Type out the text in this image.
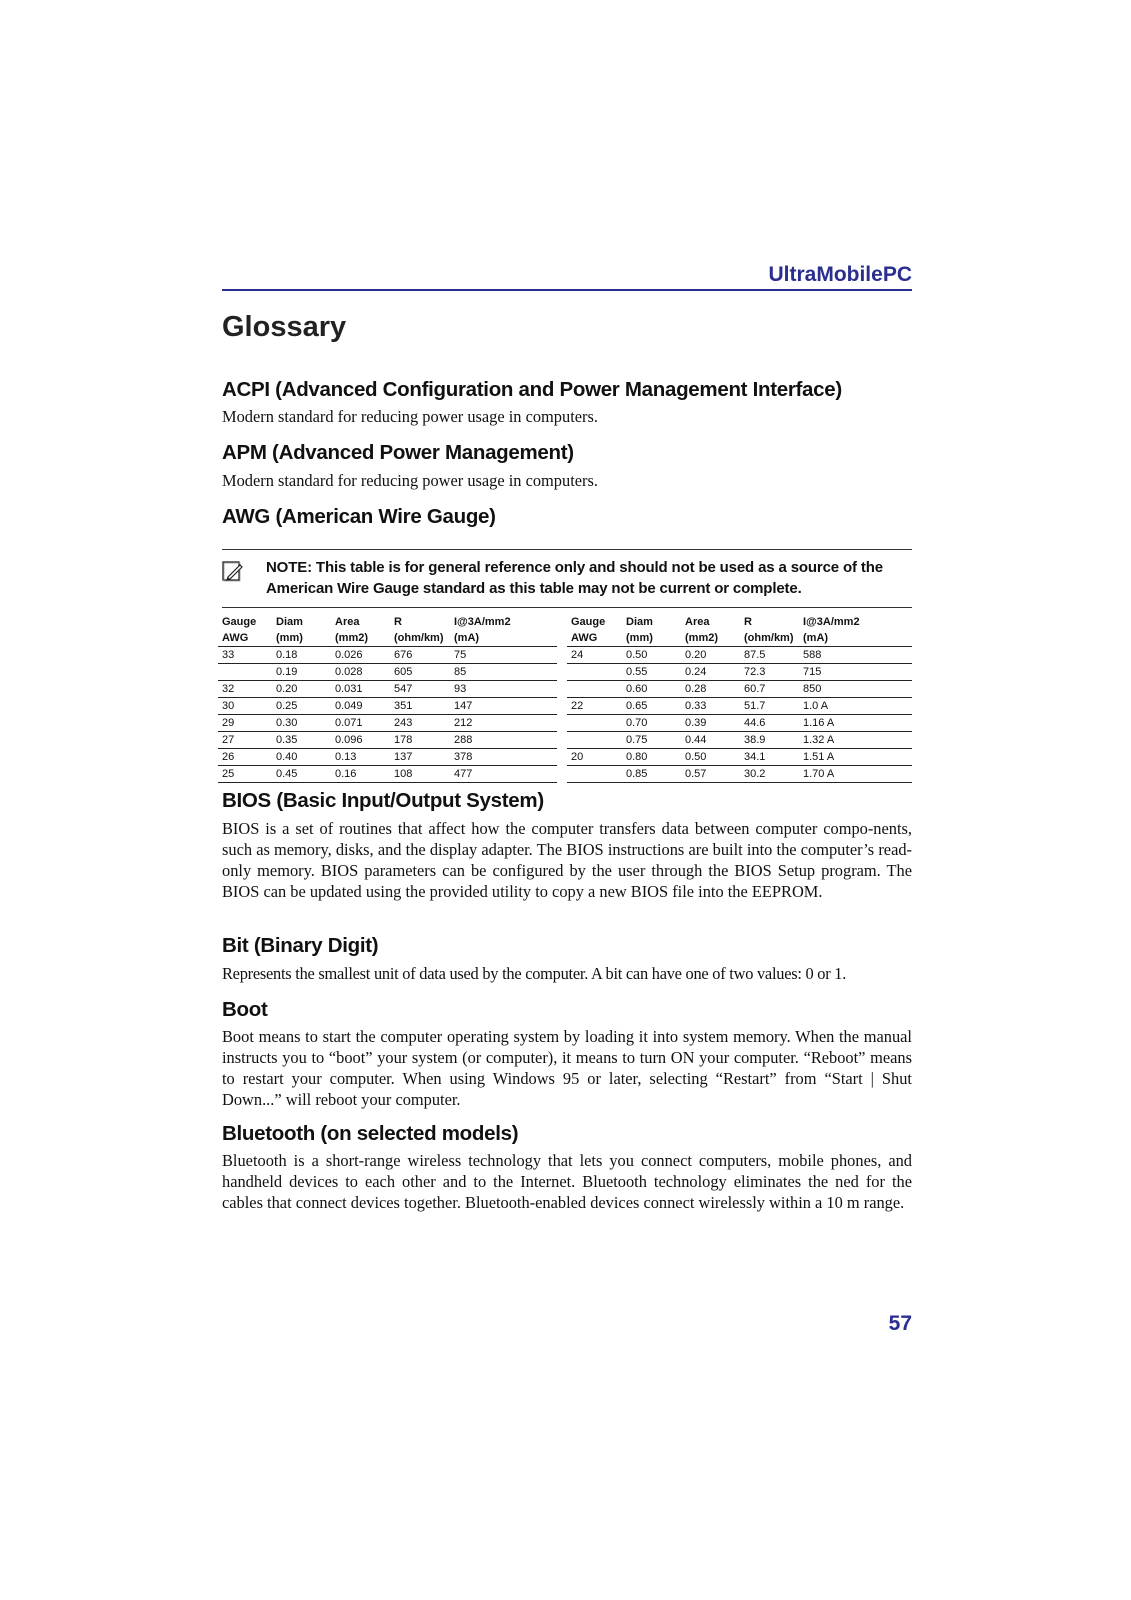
UltraMobilePC
Glossary
ACPI (Advanced Configuration and Power Management Interface)
Modern standard for reducing power usage in computers.
APM (Advanced Power Management)
Modern standard for reducing power usage in computers.
AWG (American Wire Gauge)
NOTE: This table is for general reference only and should not be used as a source of the American Wire Gauge standard as this table may not be current or complete.
Gauge	Diam	Area	R	I@3A/mm2
AWG	(mm)	(mm2)	(ohm/km)	(mA)
33	0.18	0.026	676	75
	0.19	0.028	605	85
32	0.20	0.031	547	93
30	0.25	0.049	351	147
29	0.30	0.071	243	212
27	0.35	0.096	178	288
26	0.40	0.13	137	378
25	0.45	0.16	108	477
Gauge	Diam	Area	R	I@3A/mm2
AWG	(mm)	(mm2)	(ohm/km)	(mA)
24	0.50	0.20	87.5	588
	0.55	0.24	72.3	715
	0.60	0.28	60.7	850
22	0.65	0.33	51.7	1.0 A
	0.70	0.39	44.6	1.16 A
	0.75	0.44	38.9	1.32 A
20	0.80	0.50	34.1	1.51 A
	0.85	0.57	30.2	1.70 A
BIOS (Basic Input/Output System)
BIOS is a set of routines that affect how the computer transfers data between computer compo-nents, such as memory, disks, and the display adapter. The BIOS instructions are built into the computer’s read-only memory. BIOS parameters can be configured by the user through the BIOS Setup program. The BIOS can be updated using the provided utility to copy a new BIOS file into the EEPROM.
Bit (Binary Digit)
Represents the smallest unit of data used by the computer. A bit can have one of two values: 0 or 1.
Boot
Boot means to start the computer operating system by loading it into system memory. When the manual instructs you to “boot” your system (or computer), it means to turn ON your computer. “Reboot” means to restart your computer. When using Windows 95 or later, selecting “Restart” from “Start | Shut Down...” will reboot your computer.
Bluetooth (on selected models)
Bluetooth is a short-range wireless technology that lets you connect computers, mobile phones, and handheld devices to each other and to the Internet. Bluetooth technology eliminates the ned for the cables that connect devices together. Bluetooth-enabled devices connect wirelessly within a 10 m range.
57
